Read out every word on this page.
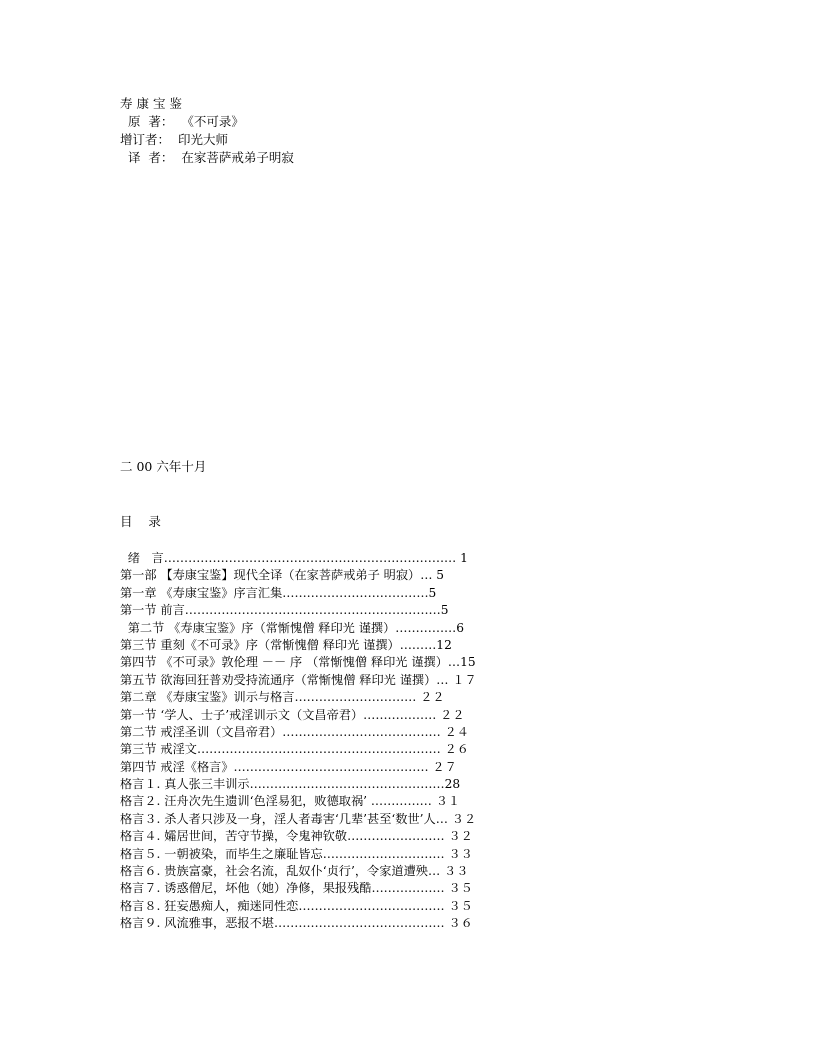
寿 康 宝 鉴
原  著：  《不可录》
增订者：  印光大师
译  者：  在家菩萨戒弟子明寂
二 00 六年十月
目    录
绪   言……………………………………………………………… 1
第一部 【寿康宝鉴】现代全译（在家菩萨戒弟子 明寂）… 5
第一章 《寿康宝鉴》序言汇集………………………………5
第一节 前言………………………………………………………5
第二节 《寿康宝鉴》序（常惭愧僧 释印光 谨撰）……………6
第三节 重刻《不可录》序（常惭愧僧 释印光 谨撰）………12
第四节 《不可录》敦伦理 －－ 序 （常惭愧僧 释印光 谨撰）…15
第五节 欲海回狂普劝受持流通序（常惭愧僧 释印光 谨撰）… １７
第二章 《寿康宝鉴》训示与格言………………………… ２２
第一节 ‘学人、士子’戒淫训示文（文昌帝君）……………… ２２
第二节 戒淫圣训（文昌帝君）………………………………… ２４
第三节 戒淫文…………………………………………………… ２６
第四节 戒淫《格言》………………………………………… ２７
格言１. 真人张三丰训示…………………………………………28
格言２. 汪舟次先生遗训‘色淫易犯，败德取祸’ …………… ３１
格言３. 杀人者只涉及一身，淫人者毒害‘几辈’甚至‘数世’人… ３２
格言４. 孀居世间，苦守节操，令鬼神钦敬…………………… ３２
格言５. 一朝被染，而毕生之廉耻皆忘………………………… ３３
格言６. 贵族富豪，社会名流，乱奴仆‘贞行’，令家道遭殃… ３３
格言７. 诱惑僧尼，坏他（她）净修，果报残酷……………… ３５
格言８. 狂妄愚痴人，痴迷同性恋……………………………… ３５
格言９. 风流雅事，恶报不堪…………………………………… ３６
